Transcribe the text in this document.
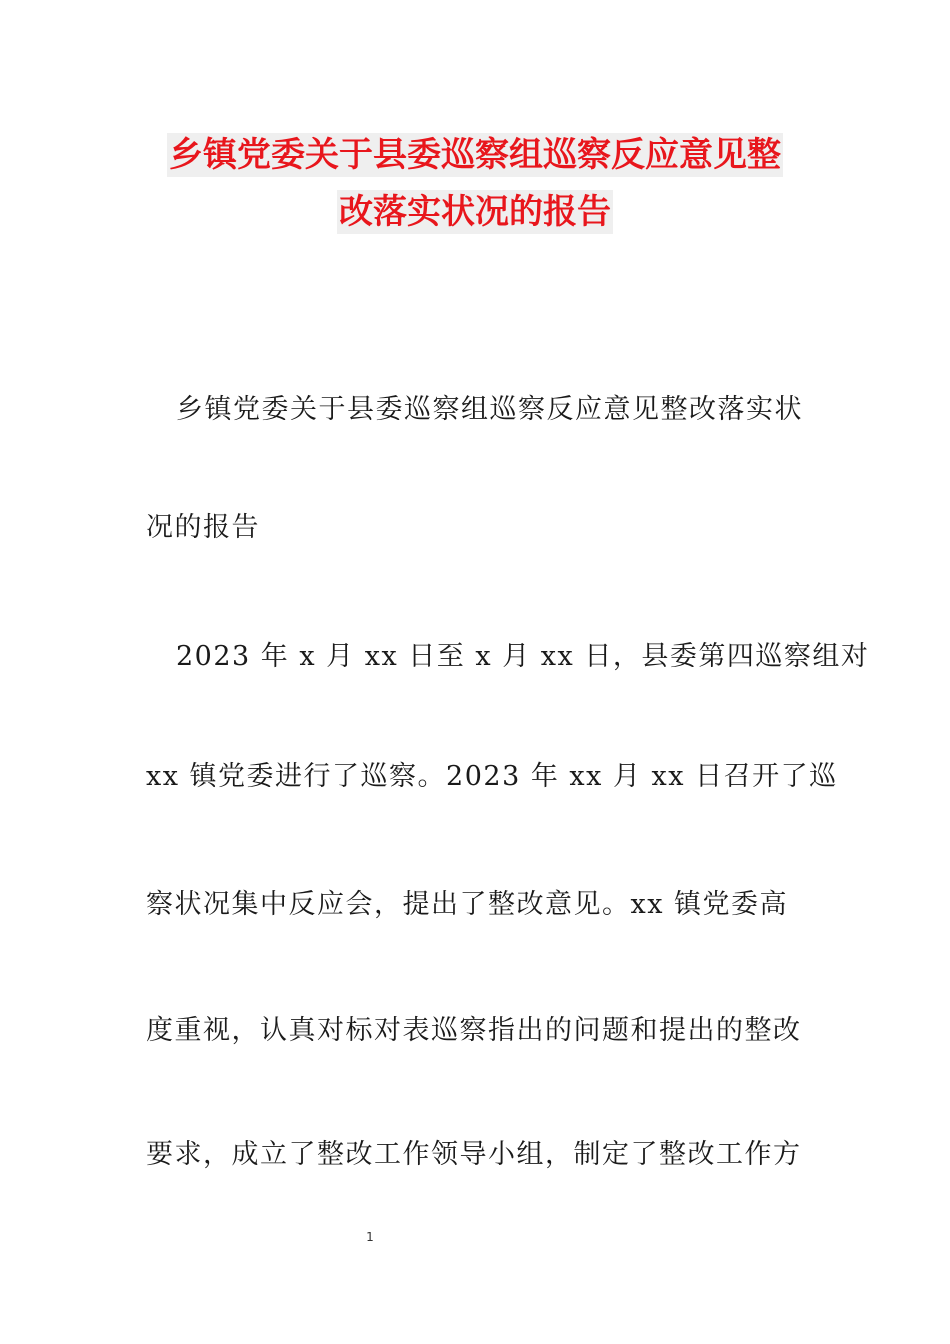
乡镇党委关于县委巡察组巡察反应意见整
改落实状况的报告
乡镇党委关于县委巡察组巡察反应意见整改落实状
况的报告
2023 年 x 月 xx 日至 x 月 xx 日，县委第四巡察组对
xx 镇党委进行了巡察。2023 年 xx 月 xx 日召开了巡
察状况集中反应会，提出了整改意见。xx 镇党委高
度重视，认真对标对表巡察指出的问题和提出的整改
要求，成立了整改工作领导小组，制定了整改工作方
1
